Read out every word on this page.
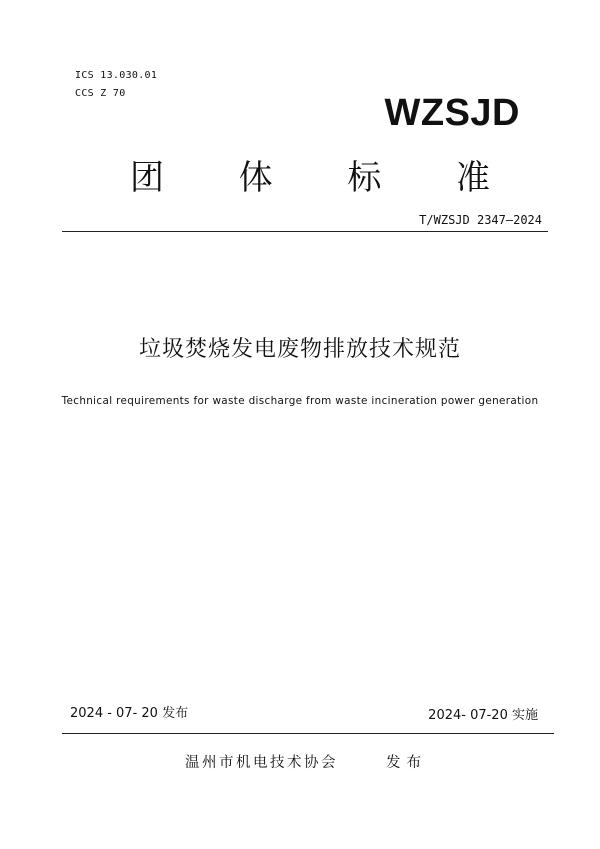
ICS 13.030.01
CCS Z 70	WZSJD
团 体 标 准
T/WZSJD 2347—2024
垃圾焚烧发电废物排放技术规范
Technical requirements for waste discharge from waste incineration power generation
2024 - 07- 20 发布	2024- 07-20 实施
温州市机电技术协会	发布
